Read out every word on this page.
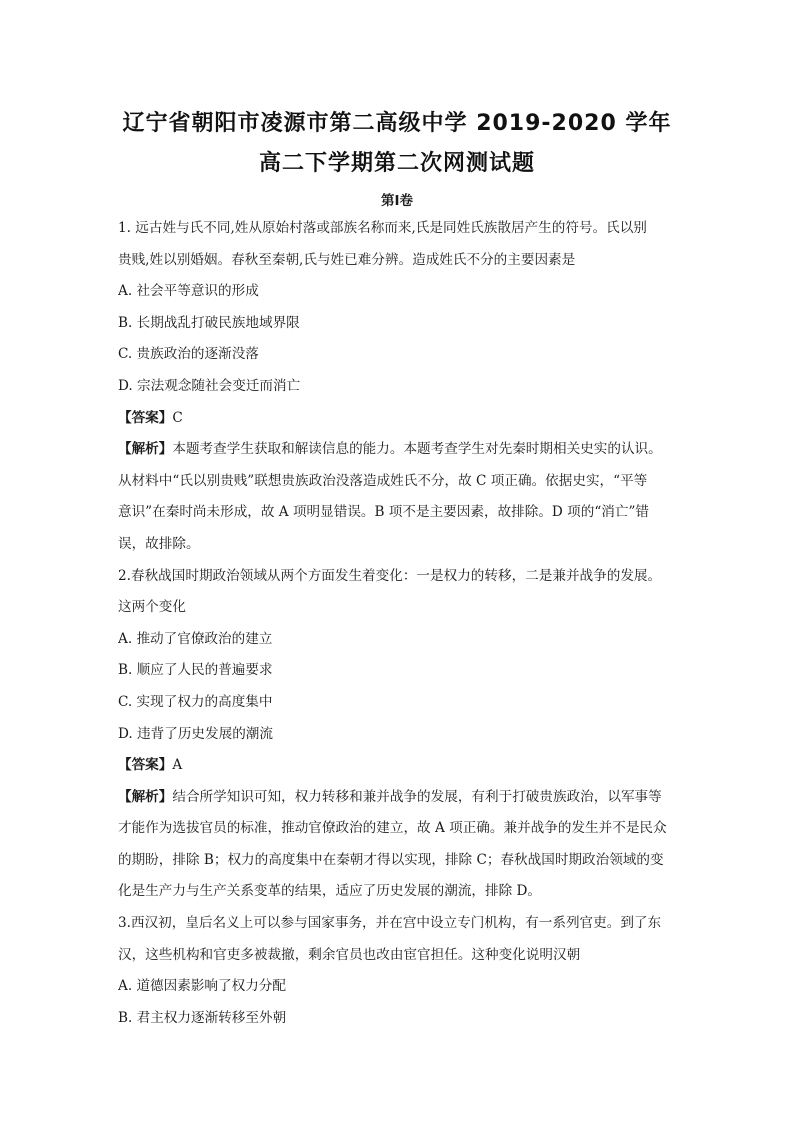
辽宁省朝阳市凌源市第二高级中学 2019-2020 学年
高二下学期第二次网测试题
第Ⅰ卷
1. 远古姓与氏不同,姓从原始村落或部族名称而来,氏是同姓氏族散居产生的符号。氏以别
贵贱,姓以别婚姻。春秋至秦朝,氏与姓已难分辨。造成姓氏不分的主要因素是
A. 社会平等意识的形成
B. 长期战乱打破民族地域界限
C. 贵族政治的逐渐没落
D. 宗法观念随社会变迁而消亡
【答案】C
【解析】本题考查学生获取和解读信息的能力。本题考查学生对先秦时期相关史实的认识。
从材料中“氏以别贵贱”联想贵族政治没落造成姓氏不分，故 C 项正确。依据史实，“平等
意识”在秦时尚未形成，故 A 项明显错误。B 项不是主要因素，故排除。D 项的“消亡”错
误，故排除。
2.春秋战国时期政治领域从两个方面发生着变化：一是权力的转移，二是兼并战争的发展。
这两个变化
A. 推动了官僚政治的建立
B. 顺应了人民的普遍要求
C. 实现了权力的高度集中
D. 违背了历史发展的潮流
【答案】A
【解析】结合所学知识可知，权力转移和兼并战争的发展，有利于打破贵族政治，以军事等
才能作为选拔官员的标准，推动官僚政治的建立，故 A 项正确。兼并战争的发生并不是民众
的期盼，排除 B；权力的高度集中在秦朝才得以实现，排除 C；春秋战国时期政治领域的变
化是生产力与生产关系变革的结果，适应了历史发展的潮流，排除 D。
3.西汉初，皇后名义上可以参与国家事务，并在宫中设立专门机构，有一系列官吏。到了东
汉，这些机构和官吏多被裁撤，剩余官员也改由宦官担任。这种变化说明汉朝
A. 道德因素影响了权力分配
B. 君主权力逐渐转移至外朝
